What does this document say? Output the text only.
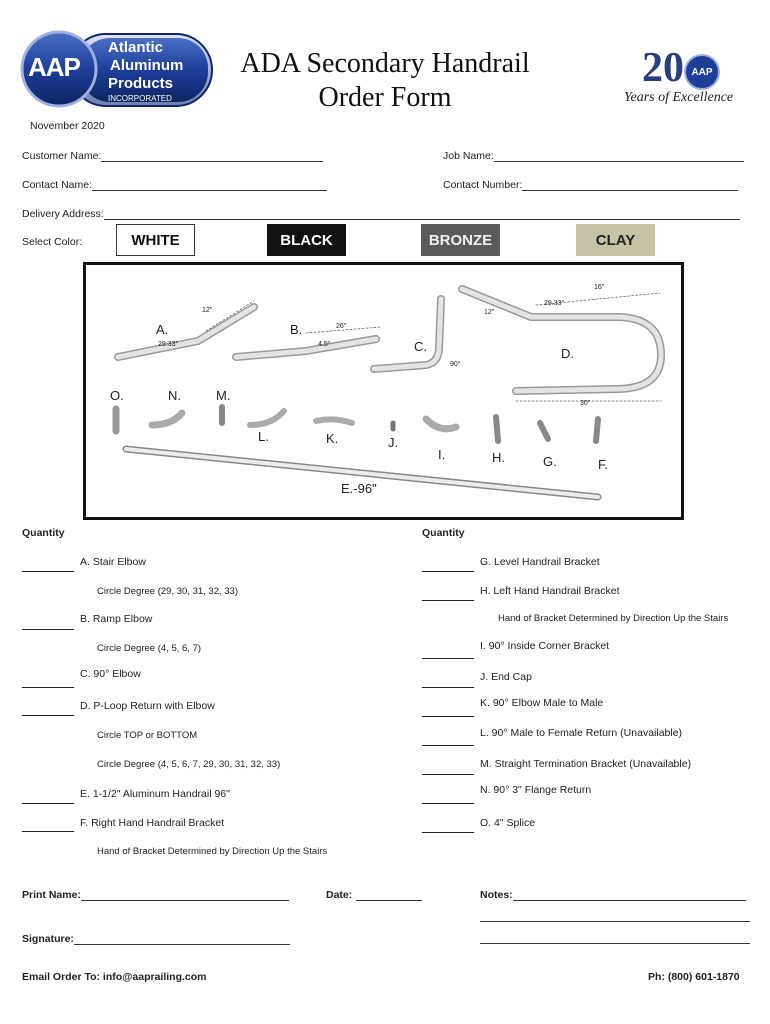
AAP
Atlantic
Aluminum
Products
INCORPORATED
ADA Secondary Handrail
Order Form
20 AAP
Years of Excellence
November 2020
Customer Name:	Job Name:
Contact Name:	Contact Number:
Delivery Address:
Select Color:	WHITE	BLACK	BRONZE	CLAY
A.	B.
C.	D.
E.-96"
F.
G.
H.
I.
J.
K.
L.
M.
N.
O.
12"
29.33°
26"
4.5°
90°
16"
29.33°
12"
30"
Quantity	Quantity
A. Stair Elbow
Circle Degree (29, 30, 31, 32, 33)
B. Ramp Elbow
Circle Degree (4, 5, 6, 7)
C. 90° Elbow
D. P-Loop Return with Elbow
Circle TOP or BOTTOM
Circle Degree (4, 5, 6, 7, 29, 30, 31, 32, 33)
E. 1-1/2" Aluminum Handrail 96"
F. Right Hand Handrail Bracket
Hand of Bracket Determined by Direction Up the Stairs
G. Level Handrail Bracket
H. Left Hand Handrail Bracket
Hand of Bracket Determined by Direction Up the Stairs
I. 90° Inside Corner Bracket
J. End Cap
K. 90° Elbow Male to Male
L. 90° Male to Female Return (Unavailable)
M. Straight Termination Bracket (Unavailable)
N. 90° 3" Flange Return
O. 4" Splice
Print Name:	Date:	Notes:
Signature:
Email Order To: info@aaprailing.com	Ph: (800) 601-1870
